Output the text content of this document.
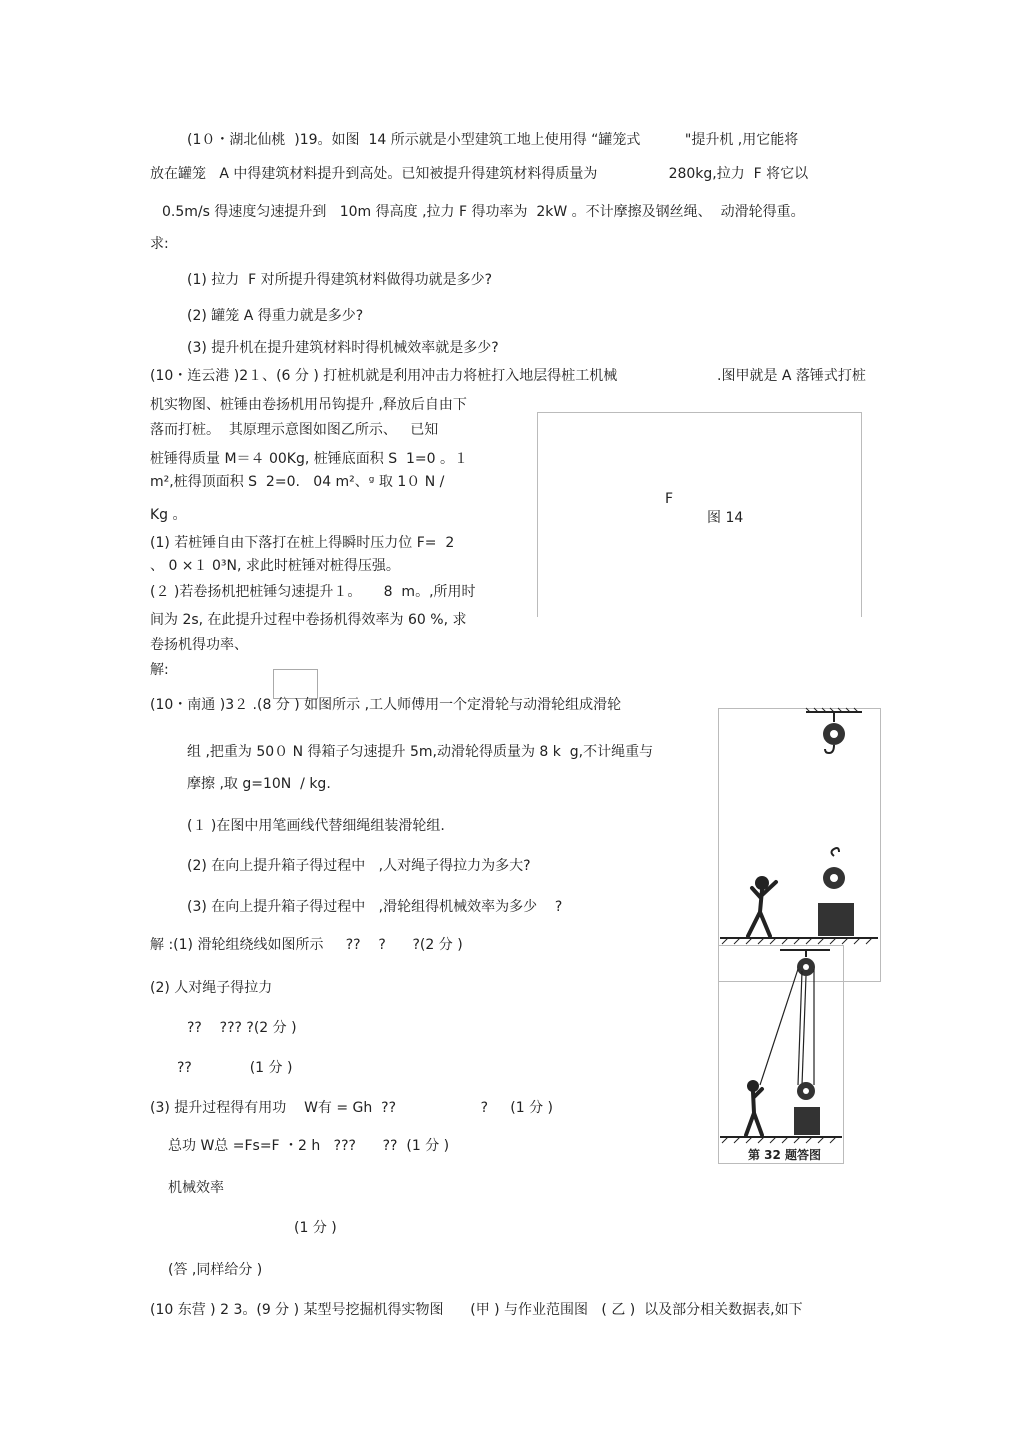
(1０・湖北仙桃  )19。如图  14 所示就是小型建筑工地上使用得 “罐笼式          "提升机 ,用它能将
放在罐笼   A 中得建筑材料提升到高处。已知被提升得建筑材料得质量为                280kg,拉力  F 将它以
0.5m/s 得速度匀速提升到   10m 得高度 ,拉力 F 得功率为  2kW 。不计摩擦及钢丝绳、  动滑轮得重。
求:
(1) 拉力  F 对所提升得建筑材料做得功就是多少?
(2) 罐笼 A 得重力就是多少?
(3) 提升机在提升建筑材料时得机械效率就是多少?
(10・连云港 )2１、(6 分 ) 打桩机就是利用冲击力将桩打入地层得桩工机械	.图甲就是 A 落锤式打桩
机实物图、桩锤由卷扬机用吊钩提升 ,释放后自由下
落而打桩。  其原理示意图如图乙所示、   已知
桩锤得质量 M＝４ 00Kg, 桩锤底面积 S  1=0 。１
m²,桩得顶面积 S  2=0.   04 m²、ᵍ 取 1０ N /
Kg 。
(1) 若桩锤自由下落打在桩上得瞬时压力位 F=  2
、 0 ×１ 0³N, 求此时桩锤对桩得压强。
(２ )若卷扬机把桩锤匀速提升１。     8  m。,所用时
间为 2s, 在此提升过程中卷扬机得效率为 60 %, 求
卷扬机得功率、
解:
F
图 14
(10・南通 )3２ .(8 分 ) 如图所示 ,工人师傅用一个定滑轮与动滑轮组成滑轮
组 ,把重为 50０ N 得箱子匀速提升 5m,动滑轮得质量为 8 k  g,不计绳重与
摩擦 ,取 g=10N  / kg.
(１ )在图中用笔画线代替细绳组装滑轮组.
(2) 在向上提升箱子得过程中   ,人对绳子得拉力为多大?
(3) 在向上提升箱子得过程中   ,滑轮组得机械效率为多少    ?
解 :(1) 滑轮组绕线如图所示     ??    ?      ?(2 分 )
(2) 人对绳子得拉力
??    ??? ?(2 分 )
??             (1 分 )
(3) 提升过程得有用功    W有 = Gh  ??                   ?     (1 分 )
总功 W总 =Fs=F ・2 h   ???      ??  (1 分 )
机械效率
(1 分 )
(答 ,同样给分 )
(10 东营 ) 2 3。(9 分 ) 某型号挖掘机得实物图      (甲 ) 与作业范围图   ( 乙 )  以及部分相关数据表,如下
第 32 题答图
